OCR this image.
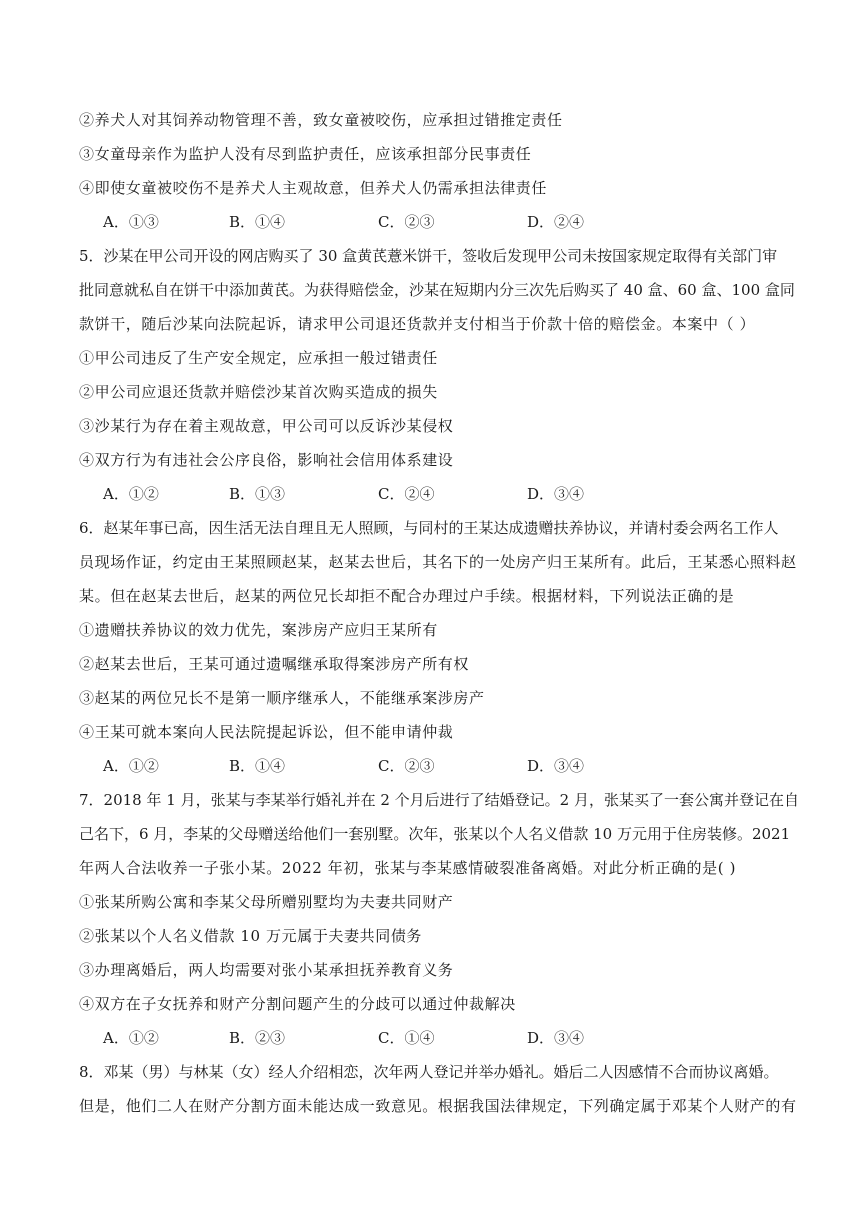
②养犬人对其饲养动物管理不善，致女童被咬伤，应承担过错推定责任
③女童母亲作为监护人没有尽到监护责任，应该承担部分民事责任
④即使女童被咬伤不是养犬人主观故意，但养犬人仍需承担法律责任
A．①③	B．①④	C．②③	D．②④
5．沙某在甲公司开设的网店购买了 30 盒黄芪薏米饼干，签收后发现甲公司未按国家规定取得有关部门审
批同意就私自在饼干中添加黄芪。为获得赔偿金，沙某在短期内分三次先后购买了 40 盒、60 盒、100 盒同
款饼干，随后沙某向法院起诉，请求甲公司退还货款并支付相当于价款十倍的赔偿金。本案中（ ）
①甲公司违反了生产安全规定，应承担一般过错责任
②甲公司应退还货款并赔偿沙某首次购买造成的损失
③沙某行为存在着主观故意，甲公司可以反诉沙某侵权
④双方行为有违社会公序良俗，影响社会信用体系建设
A．①②	B．①③	C．②④	D．③④
6．赵某年事已高，因生活无法自理且无人照顾，与同村的王某达成遗赠扶养协议，并请村委会两名工作人
员现场作证，约定由王某照顾赵某，赵某去世后，其名下的一处房产归王某所有。此后，王某悉心照料赵
某。但在赵某去世后，赵某的两位兄长却拒不配合办理过户手续。根据材料，下列说法正确的是
①遗赠扶养协议的效力优先，案涉房产应归王某所有
②赵某去世后，王某可通过遗嘱继承取得案涉房产所有权
③赵某的两位兄长不是第一顺序继承人，不能继承案涉房产
④王某可就本案向人民法院提起诉讼，但不能申请仲裁
A．①②	B．①④	C．②③	D．③④
7．2018 年 1 月，张某与李某举行婚礼并在 2 个月后进行了结婚登记。2 月，张某买了一套公寓并登记在自
己名下，6 月，李某的父母赠送给他们一套别墅。次年，张某以个人名义借款 10 万元用于住房装修。2021
年两人合法收养一子张小某。2022 年初，张某与李某感情破裂准备离婚。对此分析正确的是( )
①张某所购公寓和李某父母所赠别墅均为夫妻共同财产
②张某以个人名义借款 10 万元属于夫妻共同债务
③办理离婚后，两人均需要对张小某承担抚养教育义务
④双方在子女抚养和财产分割问题产生的分歧可以通过仲裁解决
A．①②	B．②③	C．①④	D．③④
8．邓某（男）与林某（女）经人介绍相恋，次年两人登记并举办婚礼。婚后二人因感情不合而协议离婚。
但是，他们二人在财产分割方面未能达成一致意见。根据我国法律规定，下列确定属于邓某个人财产的有
